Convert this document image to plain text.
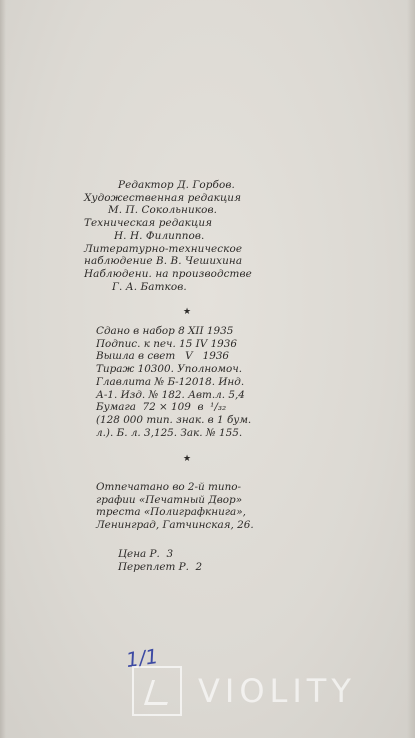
Редактор Д. Горбов.
Художественная редакция
М. П. Сокольников.
Техническая редакция
Н. Н. Филиппов.
Литературно-техническое
наблюдение В. В. Чешихина
Наблюдени. на производстве
Г. А. Батков.
★
Сдано в набор 8 XII 1935
Подпис. к печ. 15 IV 1936
Вышла в свет   V   1936
Тираж 10300. Уполномоч.
Главлита № Б-12018. Инд.
А-1. Изд. № 182. Авт.л. 5,4
Бумага  72 × 109  в  ¹/₃₂
(128 000 тип. знак. в 1 бум.
л.). Б. л. 3,125. Зак. № 155.
★
Отпечатано во 2-й типо-
графии «Печатный Двор»
треста «Полиграфкнига»,
Ленинград, Гатчинская, 26.
Цена Р.  3
Переплет Р.  2
1/1
VIOLITY
